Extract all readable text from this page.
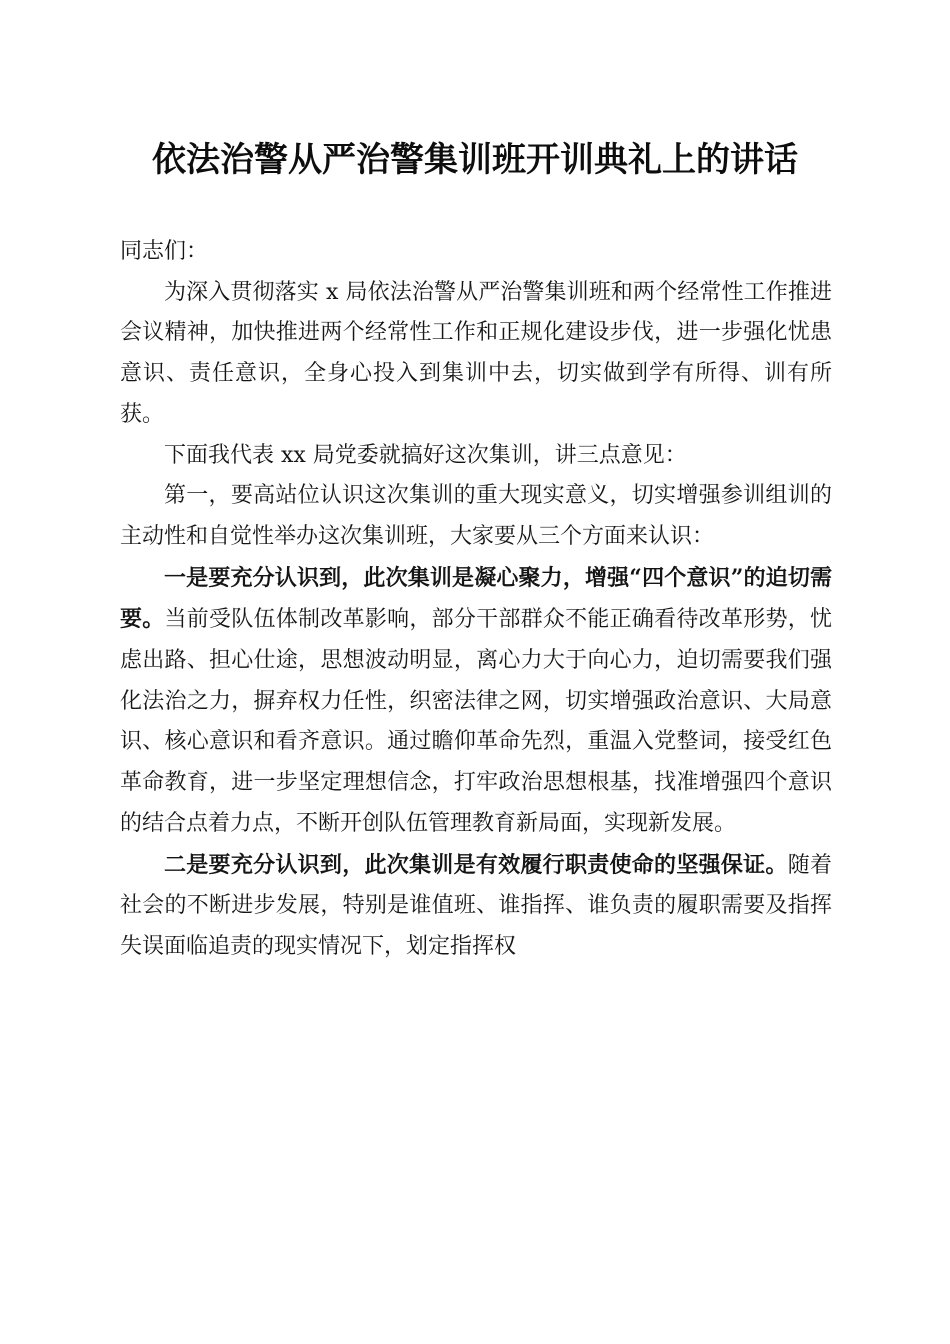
依法治警从严治警集训班开训典礼上的讲话

同志们：

为深入贯彻落实 x 局依法治警从严治警集训班和两个经常性工作推进会议精神，加快推进两个经常性工作和正规化建设步伐，进一步强化忧患意识、责任意识，全身心投入到集训中去，切实做到学有所得、训有所获。

下面我代表 xx 局党委就搞好这次集训，讲三点意见：

第一，要高站位认识这次集训的重大现实意义，切实增强参训组训的主动性和自觉性举办这次集训班，大家要从三个方面来认识：

一是要充分认识到，此次集训是凝心聚力，增强“四个意识”的迫切需要。当前受队伍体制改革影响，部分干部群众不能正确看待改革形势，忧虑出路、担心仕途，思想波动明显，离心力大于向心力，迫切需要我们强化法治之力，摒弃权力任性，织密法律之网，切实增强政治意识、大局意识、核心意识和看齐意识。通过瞻仰革命先烈，重温入党整词，接受红色革命教育，进一步坚定理想信念，打牢政治思想根基，找准增强四个意识的结合点着力点，不断开创队伍管理教育新局面，实现新发展。

二是要充分认识到，此次集训是有效履行职责使命的坚强保证。随着社会的不断进步发展，特别是谁值班、谁指挥、谁负责的履职需要及指挥失误面临追责的现实情况下，划定指挥权
